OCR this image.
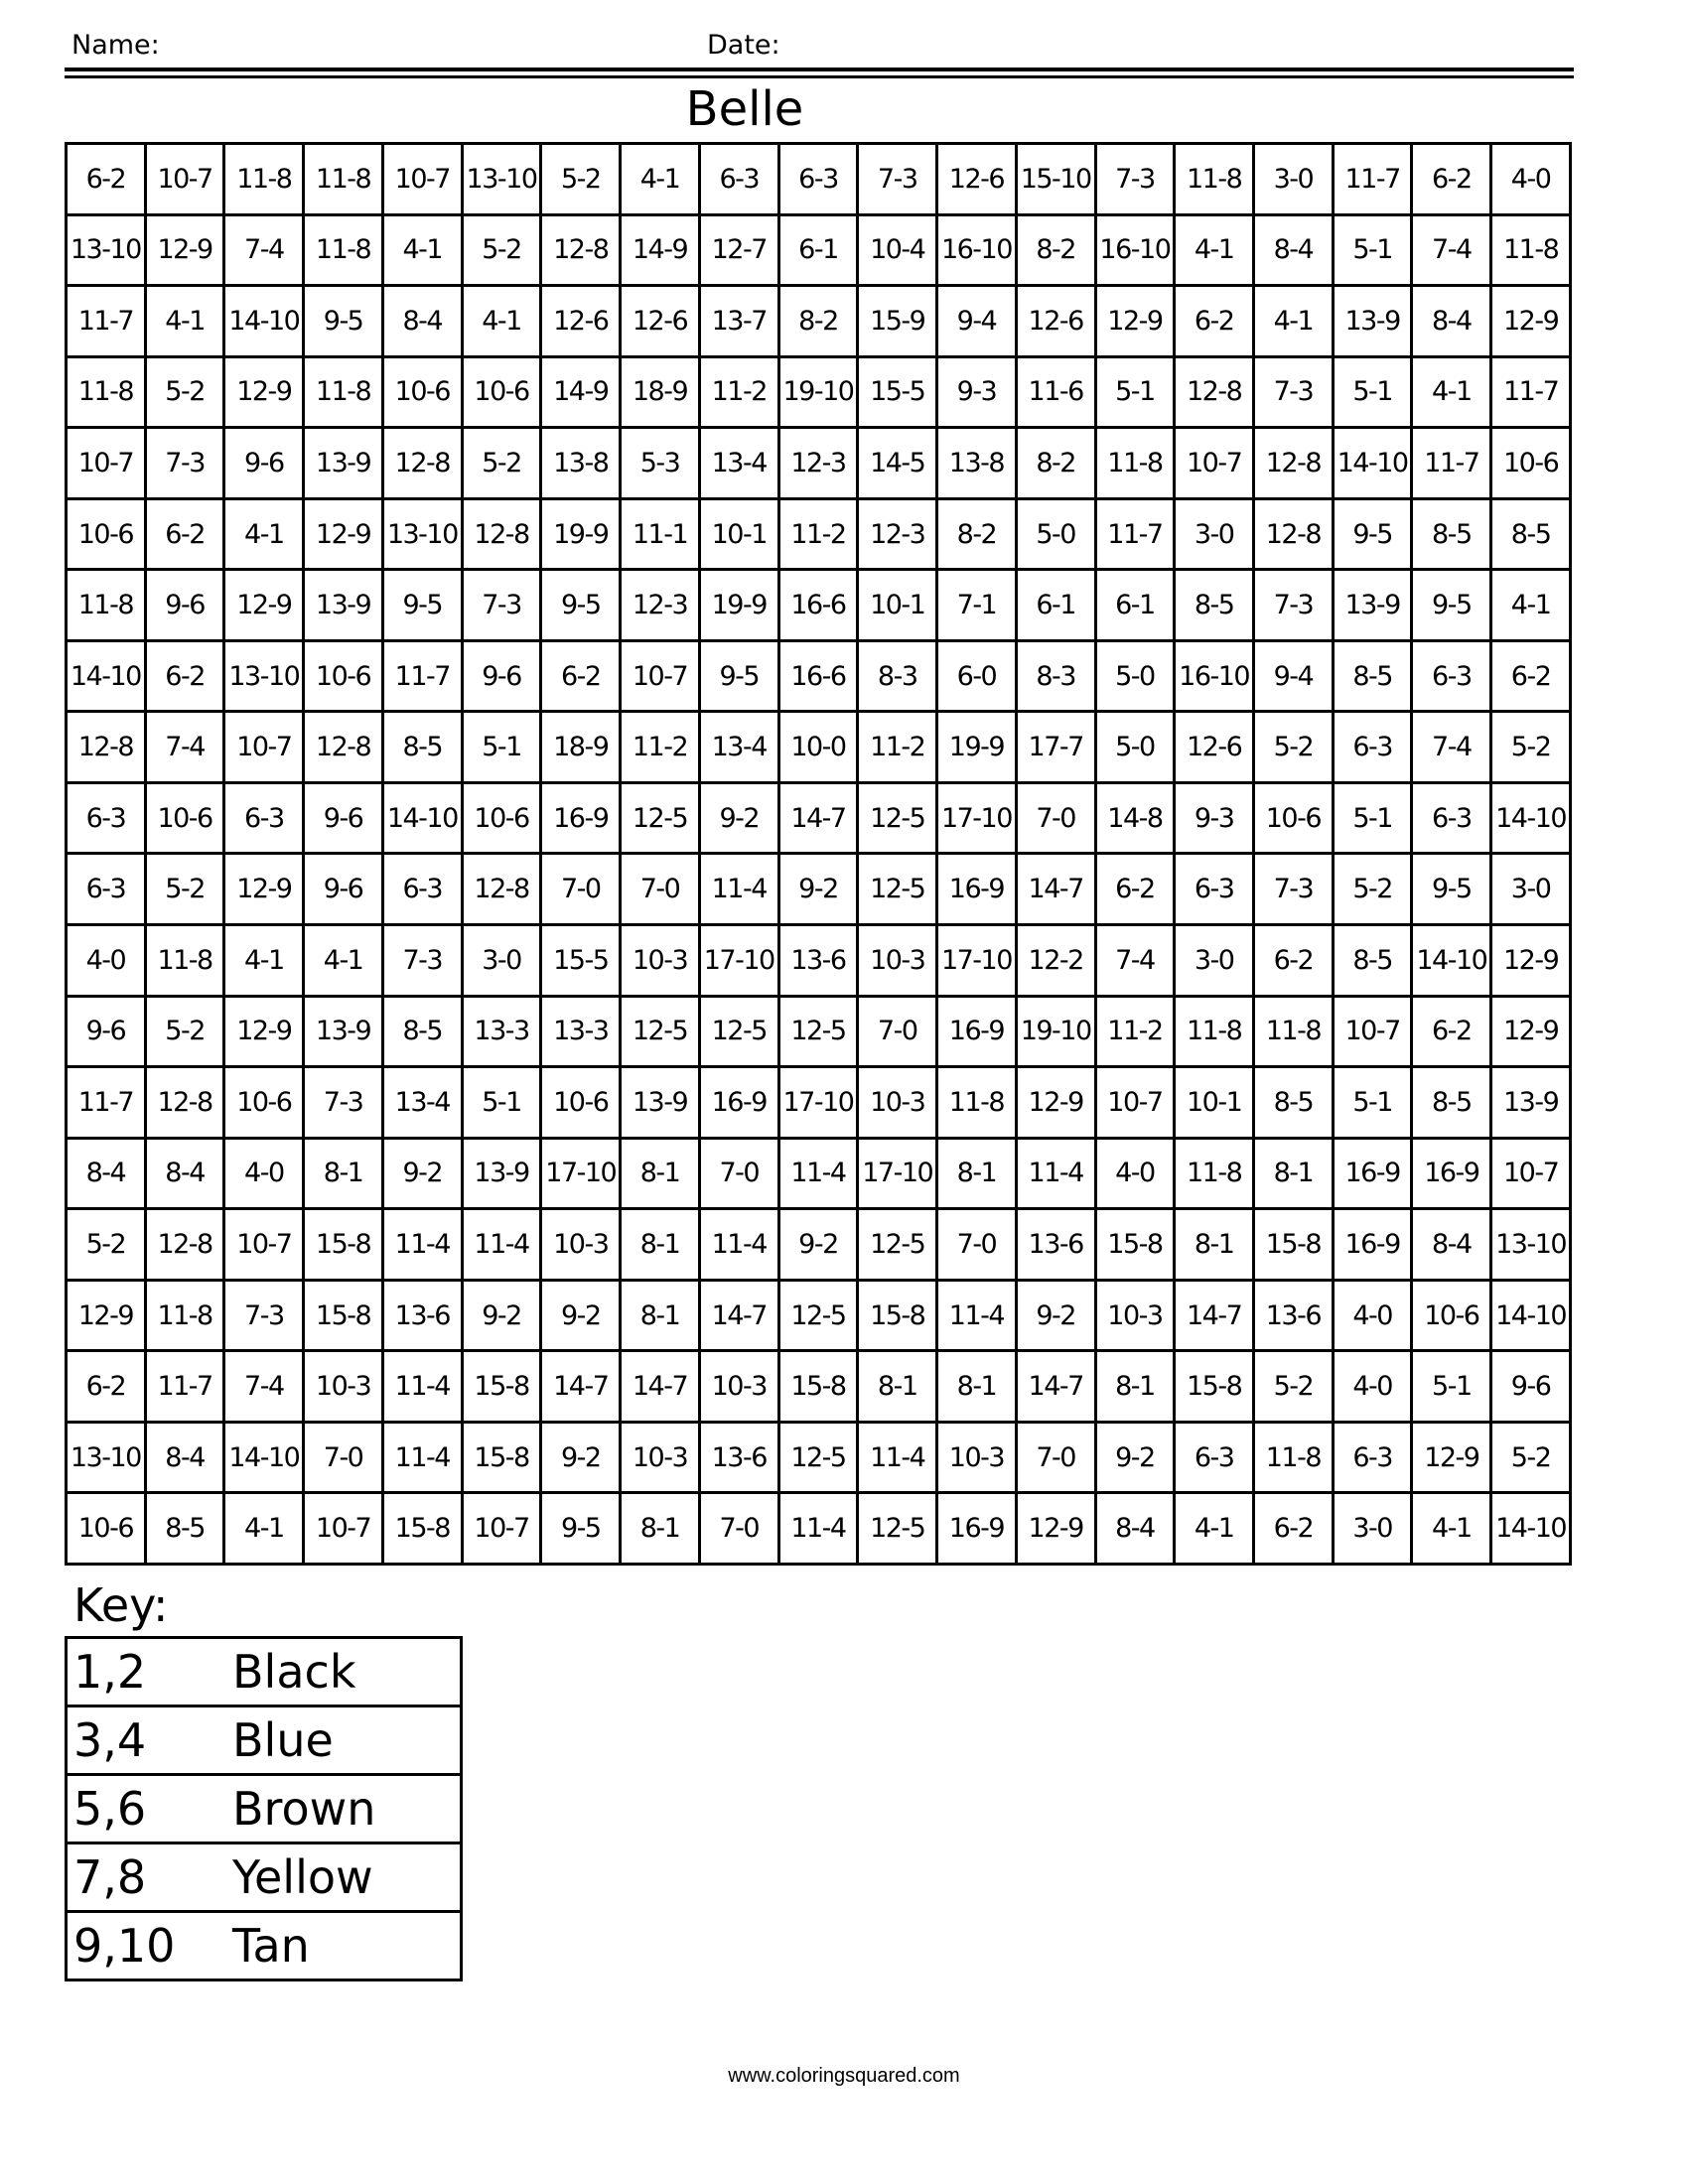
Name:	Date:
Belle
6-2	10-7	11-8	11-8	10-7	13-10	5-2	4-1	6-3	6-3	7-3	12-6	15-10	7-3	11-8	3-0	11-7	6-2	4-0
13-10	12-9	7-4	11-8	4-1	5-2	12-8	14-9	12-7	6-1	10-4	16-10	8-2	16-10	4-1	8-4	5-1	7-4	11-8
11-7	4-1	14-10	9-5	8-4	4-1	12-6	12-6	13-7	8-2	15-9	9-4	12-6	12-9	6-2	4-1	13-9	8-4	12-9
11-8	5-2	12-9	11-8	10-6	10-6	14-9	18-9	11-2	19-10	15-5	9-3	11-6	5-1	12-8	7-3	5-1	4-1	11-7
10-7	7-3	9-6	13-9	12-8	5-2	13-8	5-3	13-4	12-3	14-5	13-8	8-2	11-8	10-7	12-8	14-10	11-7	10-6
10-6	6-2	4-1	12-9	13-10	12-8	19-9	11-1	10-1	11-2	12-3	8-2	5-0	11-7	3-0	12-8	9-5	8-5	8-5
11-8	9-6	12-9	13-9	9-5	7-3	9-5	12-3	19-9	16-6	10-1	7-1	6-1	6-1	8-5	7-3	13-9	9-5	4-1
14-10	6-2	13-10	10-6	11-7	9-6	6-2	10-7	9-5	16-6	8-3	6-0	8-3	5-0	16-10	9-4	8-5	6-3	6-2
12-8	7-4	10-7	12-8	8-5	5-1	18-9	11-2	13-4	10-0	11-2	19-9	17-7	5-0	12-6	5-2	6-3	7-4	5-2
6-3	10-6	6-3	9-6	14-10	10-6	16-9	12-5	9-2	14-7	12-5	17-10	7-0	14-8	9-3	10-6	5-1	6-3	14-10
6-3	5-2	12-9	9-6	6-3	12-8	7-0	7-0	11-4	9-2	12-5	16-9	14-7	6-2	6-3	7-3	5-2	9-5	3-0
4-0	11-8	4-1	4-1	7-3	3-0	15-5	10-3	17-10	13-6	10-3	17-10	12-2	7-4	3-0	6-2	8-5	14-10	12-9
9-6	5-2	12-9	13-9	8-5	13-3	13-3	12-5	12-5	12-5	7-0	16-9	19-10	11-2	11-8	11-8	10-7	6-2	12-9
11-7	12-8	10-6	7-3	13-4	5-1	10-6	13-9	16-9	17-10	10-3	11-8	12-9	10-7	10-1	8-5	5-1	8-5	13-9
8-4	8-4	4-0	8-1	9-2	13-9	17-10	8-1	7-0	11-4	17-10	8-1	11-4	4-0	11-8	8-1	16-9	16-9	10-7
5-2	12-8	10-7	15-8	11-4	11-4	10-3	8-1	11-4	9-2	12-5	7-0	13-6	15-8	8-1	15-8	16-9	8-4	13-10
12-9	11-8	7-3	15-8	13-6	9-2	9-2	8-1	14-7	12-5	15-8	11-4	9-2	10-3	14-7	13-6	4-0	10-6	14-10
6-2	11-7	7-4	10-3	11-4	15-8	14-7	14-7	10-3	15-8	8-1	8-1	14-7	8-1	15-8	5-2	4-0	5-1	9-6
13-10	8-4	14-10	7-0	11-4	15-8	9-2	10-3	13-6	12-5	11-4	10-3	7-0	9-2	6-3	11-8	6-3	12-9	5-2
10-6	8-5	4-1	10-7	15-8	10-7	9-5	8-1	7-0	11-4	12-5	16-9	12-9	8-4	4-1	6-2	3-0	4-1	14-10
Key:
1,2 Black
3,4 Blue
5,6 Brown
7,8 Yellow
9,10 Tan
www.coloringsquared.com
